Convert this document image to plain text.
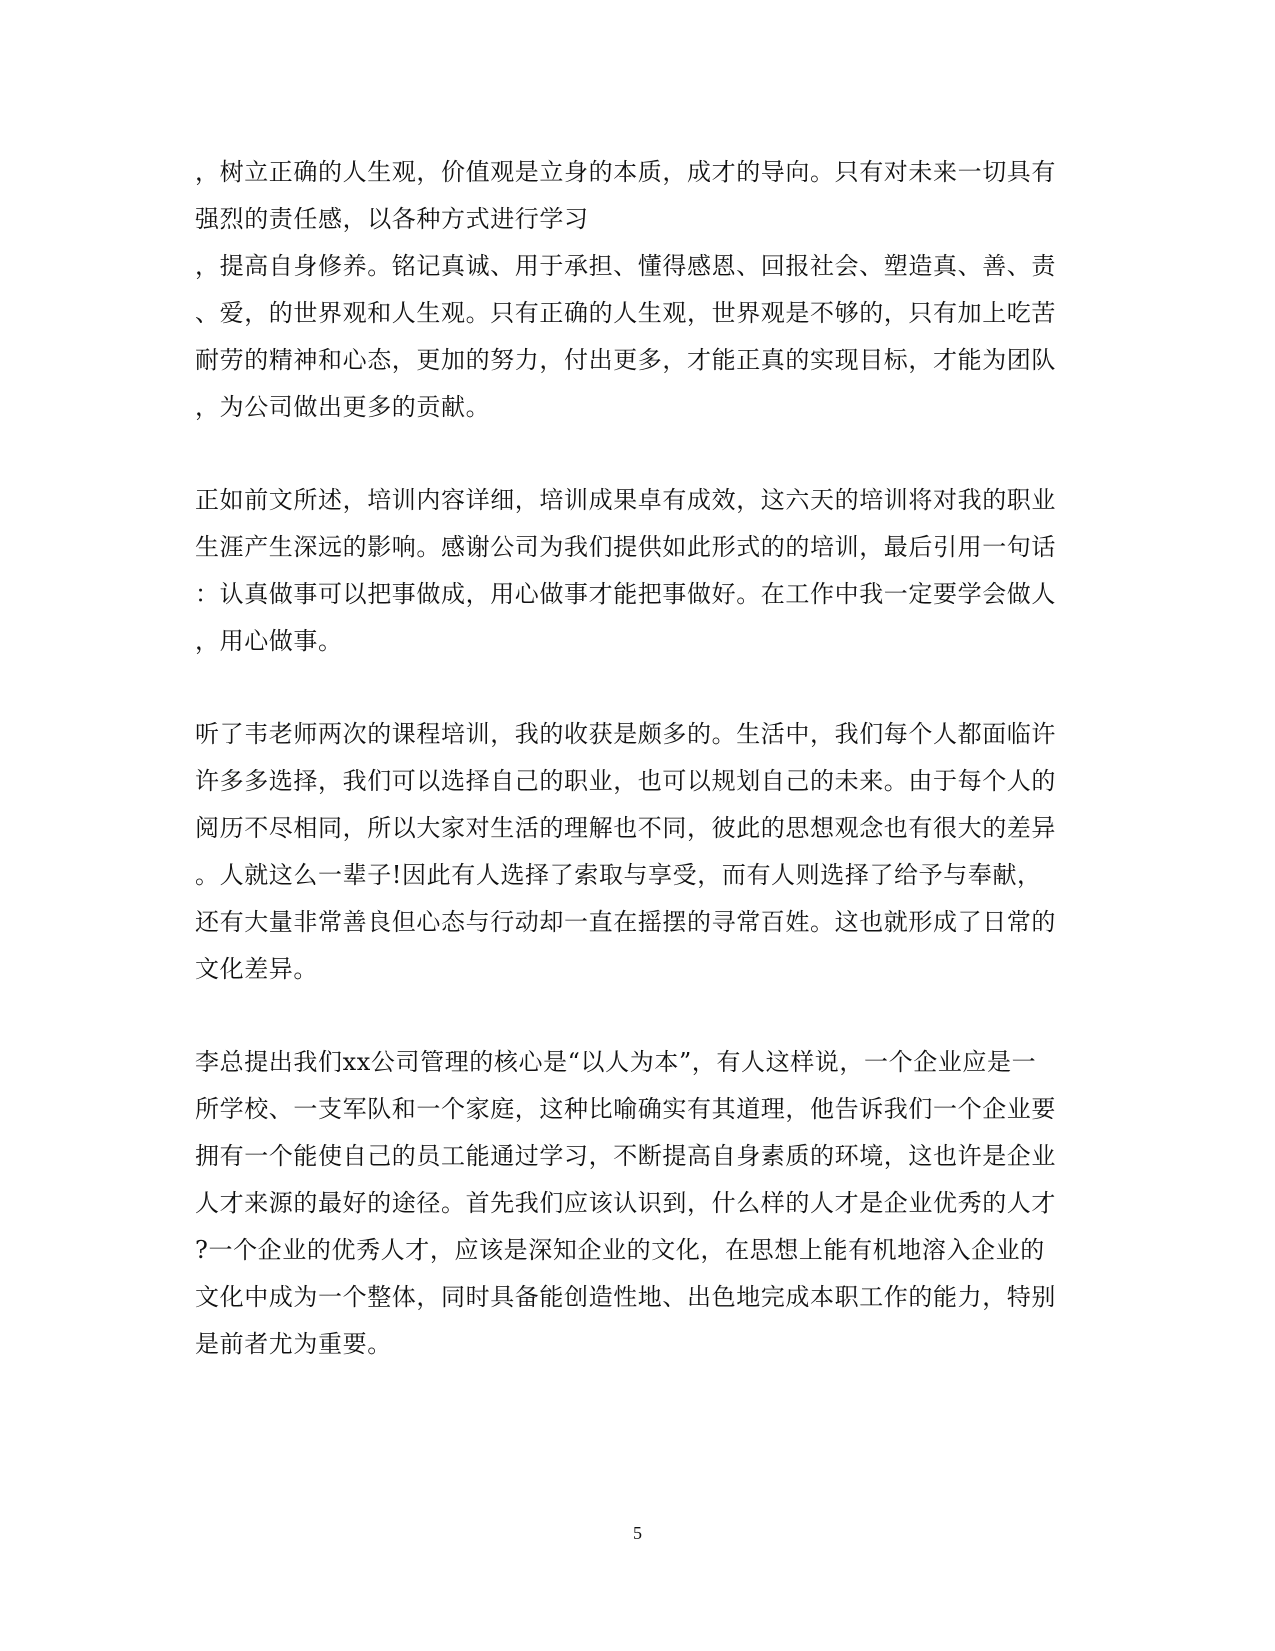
，树立正确的人生观，价值观是立身的本质，成才的导向。只有对未来一切具有
强烈的责任感，以各种方式进行学习
，提高自身修养。铭记真诚、用于承担、懂得感恩、回报社会、塑造真、善、责
、爱，的世界观和人生观。只有正确的人生观，世界观是不够的，只有加上吃苦
耐劳的精神和心态，更加的努力，付出更多，才能正真的实现目标，才能为团队
，为公司做出更多的贡献。
正如前文所述，培训内容详细，培训成果卓有成效，这六天的培训将对我的职业
生涯产生深远的影响。感谢公司为我们提供如此形式的的培训，最后引用一句话
：认真做事可以把事做成，用心做事才能把事做好。在工作中我一定要学会做人
，用心做事。
听了韦老师两次的课程培训，我的收获是颇多的。生活中，我们每个人都面临许
许多多选择，我们可以选择自己的职业，也可以规划自己的未来。由于每个人的
阅历不尽相同，所以大家对生活的理解也不同，彼此的思想观念也有很大的差异
。人就这么一辈子!因此有人选择了索取与享受，而有人则选择了给予与奉献，
还有大量非常善良但心态与行动却一直在摇摆的寻常百姓。这也就形成了日常的
文化差异。
李总提出我们xx公司管理的核心是“以人为本”，有人这样说，一个企业应是一
所学校、一支军队和一个家庭，这种比喻确实有其道理，他告诉我们一个企业要
拥有一个能使自己的员工能通过学习，不断提高自身素质的环境，这也许是企业
人才来源的最好的途径。首先我们应该认识到，什么样的人才是企业优秀的人才
?一个企业的优秀人才，应该是深知企业的文化，在思想上能有机地溶入企业的
文化中成为一个整体，同时具备能创造性地、出色地完成本职工作的能力，特别
是前者尤为重要。
5
